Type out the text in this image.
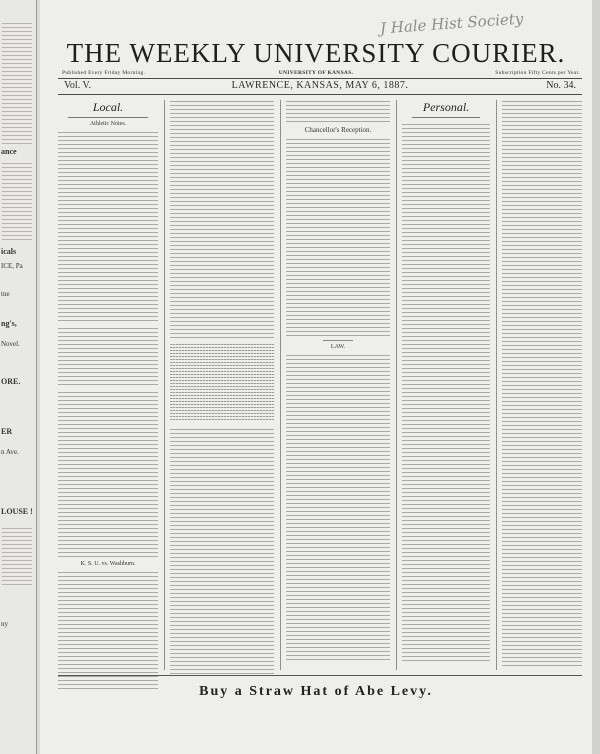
ance
icals
ICE, Pa
tne
ng's,
Novel.
ORE.
ER
n Ave.
LOUSE !
ny
J Hale Hist Society
THE WEEKLY UNIVERSITY COURIER.
Published Every Friday Morning.	UNIVERSITY OF KANSAS.	Subscription Fifty Cents per Year.
Vol. V.	LAWRENCE, KANSAS, MAY 6, 1887.	No. 34.
Local.
Athletic Notes.
K. S. U. vs. Washburn.
Chancellor's Reception.
LAW.
Personal.
Buy a Straw Hat of Abe Levy.
